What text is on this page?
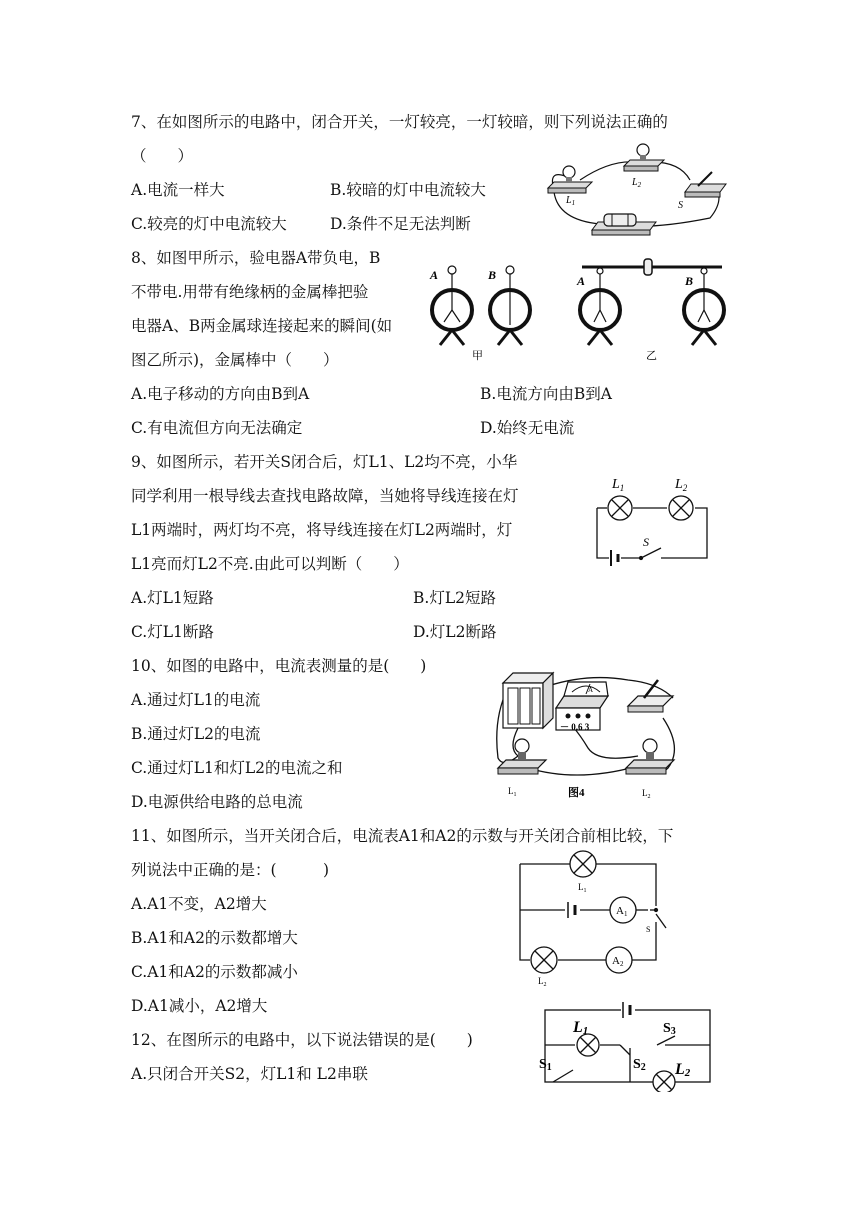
7、在如图所示的电路中，闭合开关，一灯较亮，一灯较暗，则下列说法正确的
（　　）
A.电流一样大	B.较暗的灯中电流较大
C.较亮的灯中电流较大	D.条件不足无法判断
$L_1$
$L_2$
S
8、如图甲所示，验电器A带负电，B
不带电.用带有绝缘柄的金属棒把验
电器A、B两金属球连接起来的瞬间(如
图乙所示)，金属棒中（　　）
A.电子移动的方向由B到A	B.电流方向由B到A
C.有电流但方向无法确定	D.始终无电流
A	B	A	B
甲	乙
9、如图所示，若开关S闭合后，灯L1、L2均不亮，小华
同学利用一根导线去查找电路故障，当她将导线连接在灯
L1两端时，两灯均不亮，将导线连接在灯L2两端时，灯
L1亮而灯L2不亮.由此可以判断（　　）
A.灯L1短路	B.灯L2短路
C.灯L1断路	D.灯L2断路
$L_1$	$L_2$
S
10、如图的电路中，电流表测量的是(　　)
A.通过灯L1的电流
B.通过灯L2的电流
C.通过灯L1和灯L2的电流之和
D.电源供给电路的总电流
A
－ 0.6 3
$L_1$	图4	$L_2$
11、如图所示，当开关闭合后，电流表A1和A2的示数与开关闭合前相比较，下
列说法中正确的是：(　　　)
A.A1不变，A2增大
B.A1和A2的示数都增大
C.A1和A2的示数都减小
D.A1减小，A2增大
A1
A2
$L_1$
$L_2$
S
12、在图所示的电路中，以下说法错误的是(　　)
A.只闭合开关S2，灯L1和 L2串联
L1
L2
S1	S2
S3
